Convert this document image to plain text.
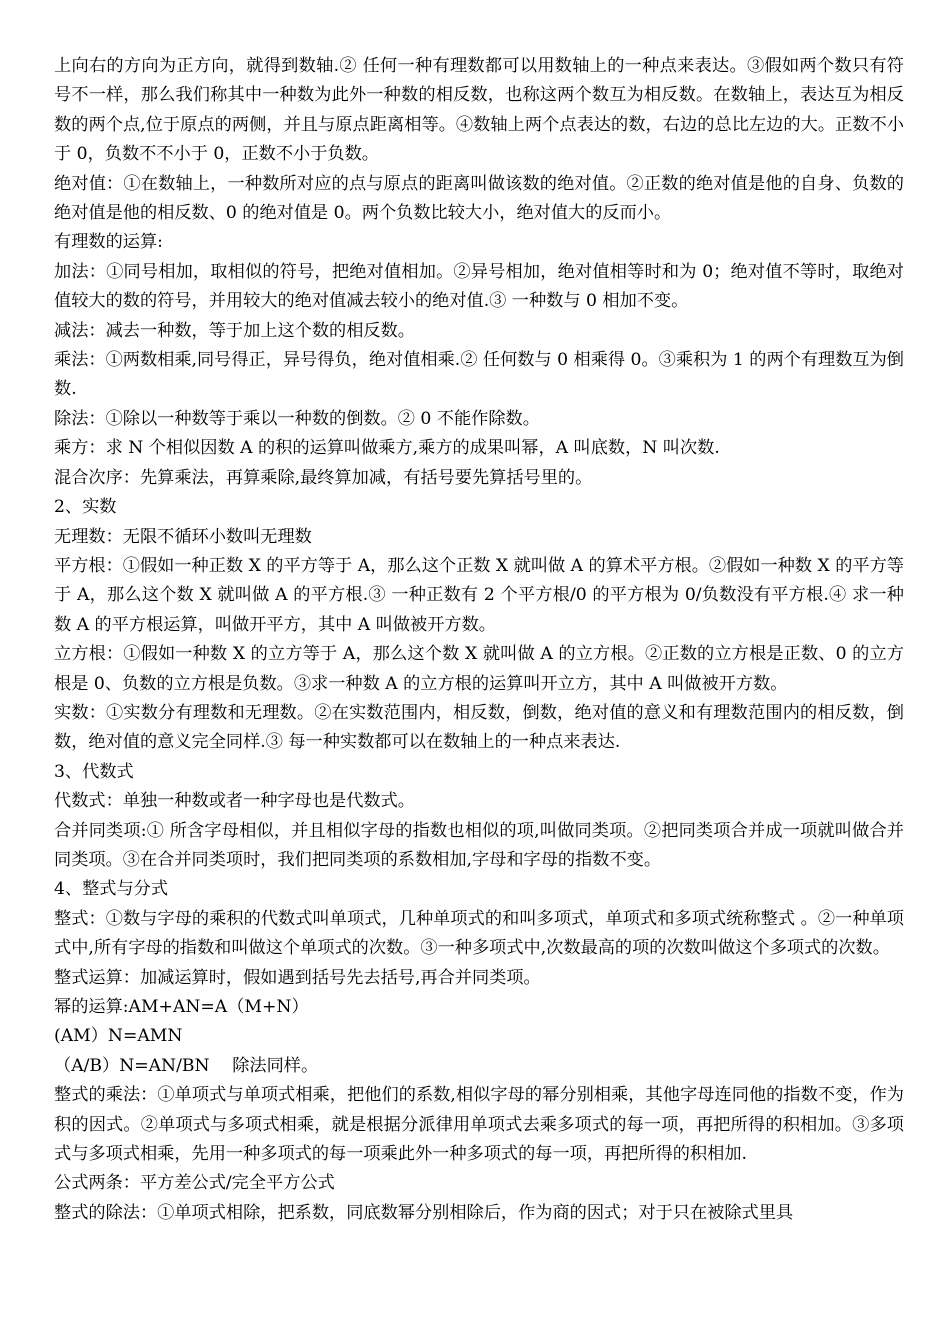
上向右的方向为正方向，就得到数轴.② 任何一种有理数都可以用数轴上的一种点来表达。③假如两个数只有符号不一样，那么我们称其中一种数为此外一种数的相反数，也称这两个数互为相反数。在数轴上，表达互为相反数的两个点,位于原点的两侧，并且与原点距离相等。④数轴上两个点表达的数，右边的总比左边的大。正数不小于 0，负数不不小于 0，正数不小于负数。

绝对值：①在数轴上，一种数所对应的点与原点的距离叫做该数的绝对值。②正数的绝对值是他的自身、负数的绝对值是他的相反数、0 的绝对值是 0。两个负数比较大小，绝对值大的反而小。

有理数的运算:

加法：①同号相加，取相似的符号，把绝对值相加。②异号相加，绝对值相等时和为 0；绝对值不等时，取绝对值较大的数的符号，并用较大的绝对值减去较小的绝对值.③ 一种数与 0 相加不变。

减法：减去一种数，等于加上这个数的相反数。

乘法：①两数相乘,同号得正，异号得负，绝对值相乘.② 任何数与 0 相乘得 0。③乘积为 1 的两个有理数互为倒数.

除法：①除以一种数等于乘以一种数的倒数。② 0 不能作除数。

乘方：求 N 个相似因数 A 的积的运算叫做乘方,乘方的成果叫幂，A 叫底数，N 叫次数.

混合次序：先算乘法，再算乘除,最终算加减，有括号要先算括号里的。

2、实数

无理数：无限不循环小数叫无理数

平方根：①假如一种正数 X 的平方等于 A，那么这个正数 X 就叫做 A 的算术平方根。②假如一种数 X 的平方等于 A，那么这个数 X 就叫做 A 的平方根.③ 一种正数有 2 个平方根/0 的平方根为 0/负数没有平方根.④ 求一种数 A 的平方根运算，叫做开平方，其中 A 叫做被开方数。

立方根：①假如一种数 X 的立方等于 A，那么这个数 X 就叫做 A 的立方根。②正数的立方根是正数、0 的立方根是 0、负数的立方根是负数。③求一种数 A 的立方根的运算叫开立方，其中 A 叫做被开方数。

实数：①实数分有理数和无理数。②在实数范围内，相反数，倒数，绝对值的意义和有理数范围内的相反数，倒数，绝对值的意义完全同样.③ 每一种实数都可以在数轴上的一种点来表达.

3、代数式

代数式：单独一种数或者一种字母也是代数式。

合并同类项:① 所含字母相似，并且相似字母的指数也相似的项,叫做同类项。②把同类项合并成一项就叫做合并同类项。③在合并同类项时，我们把同类项的系数相加,字母和字母的指数不变。

4、整式与分式

整式：①数与字母的乘积的代数式叫单项式，几种单项式的和叫多项式，单项式和多项式统称整式 。②一种单项式中,所有字母的指数和叫做这个单项式的次数。③一种多项式中,次数最高的项的次数叫做这个多项式的次数。

整式运算：加减运算时，假如遇到括号先去括号,再合并同类项。

幂的运算:AM+AN=A（M+N）

(AM）N=AMN

（A/B）N=AN/BN　 除法同样。

整式的乘法：①单项式与单项式相乘，把他们的系数,相似字母的幂分别相乘，其他字母连同他的指数不变，作为积的因式。②单项式与多项式相乘，就是根据分派律用单项式去乘多项式的每一项，再把所得的积相加。③多项式与多项式相乘，先用一种多项式的每一项乘此外一种多项式的每一项，再把所得的积相加.

公式两条：平方差公式/完全平方公式

整式的除法：①单项式相除，把系数，同底数幂分别相除后，作为商的因式；对于只在被除式里具
